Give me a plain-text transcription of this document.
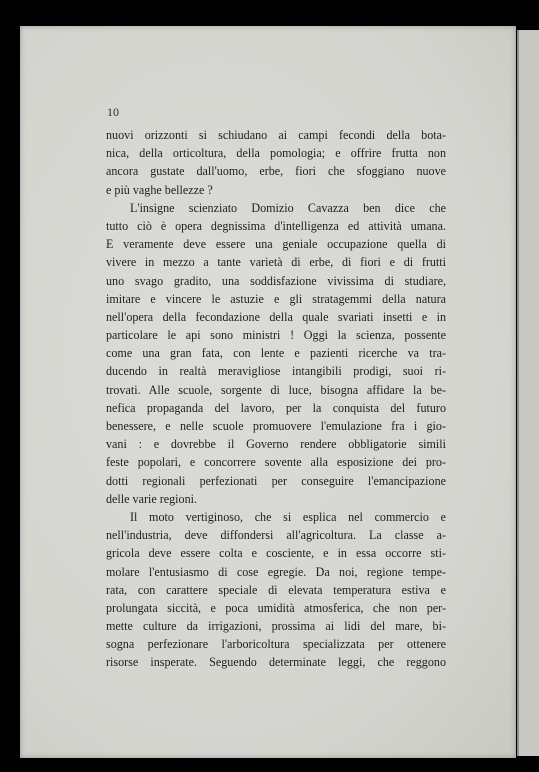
10
nuovi orizzonti si schiudano ai campi fecondi della bota-
nica, della orticoltura, della pomologia; e offrire frutta non
ancora gustate dall'uomo, erbe, fiori che sfoggiano nuove
e più vaghe bellezze ?
L'insigne scienziato Domizio Cavazza ben dice che
tutto ciò è opera degnissima d'intelligenza ed attività umana.
E veramente deve essere una geniale occupazione quella di
vivere in mezzo a tante varietà di erbe, di fiori e di frutti
uno svago gradito, una soddisfazione vivissima di studiare,
imitare e vincere le astuzie e gli stratagemmi della natura
nell'opera della fecondazione della quale svariati insetti e in
particolare le api sono ministri ! Oggi la scienza, possente
come una gran fata, con lente e pazienti ricerche va tra-
ducendo in realtà meravigliose intangibili prodigi, suoi ri-
trovati. Alle scuole, sorgente di luce, bisogna affidare la be-
nefica propaganda del lavoro, per la conquista del futuro
benessere, e nelle scuole promuovere l'emulazione fra i gio-
vani : e dovrebbe il Governo rendere obbligatorie simili
feste popolari, e concorrere sovente alla esposizione dei pro-
dotti regionali perfezionati per conseguire l'emancipazione
delle varie regioni.
Il moto vertiginoso, che si esplica nel commercio e
nell'industria, deve diffondersi all'agricoltura. La classe a-
gricola deve essere colta e cosciente, e in essa occorre sti-
molare l'entusiasmo di cose egregie. Da noi, regione tempe-
rata, con carattere speciale di elevata temperatura estiva e
prolungata siccità, e poca umidità atmosferica, che non per-
mette culture da irrigazioni, prossima ai lidi del mare, bi-
sogna perfezionare l'arboricoltura specializzata per ottenere
risorse insperate. Seguendo determinate leggi, che reggono
